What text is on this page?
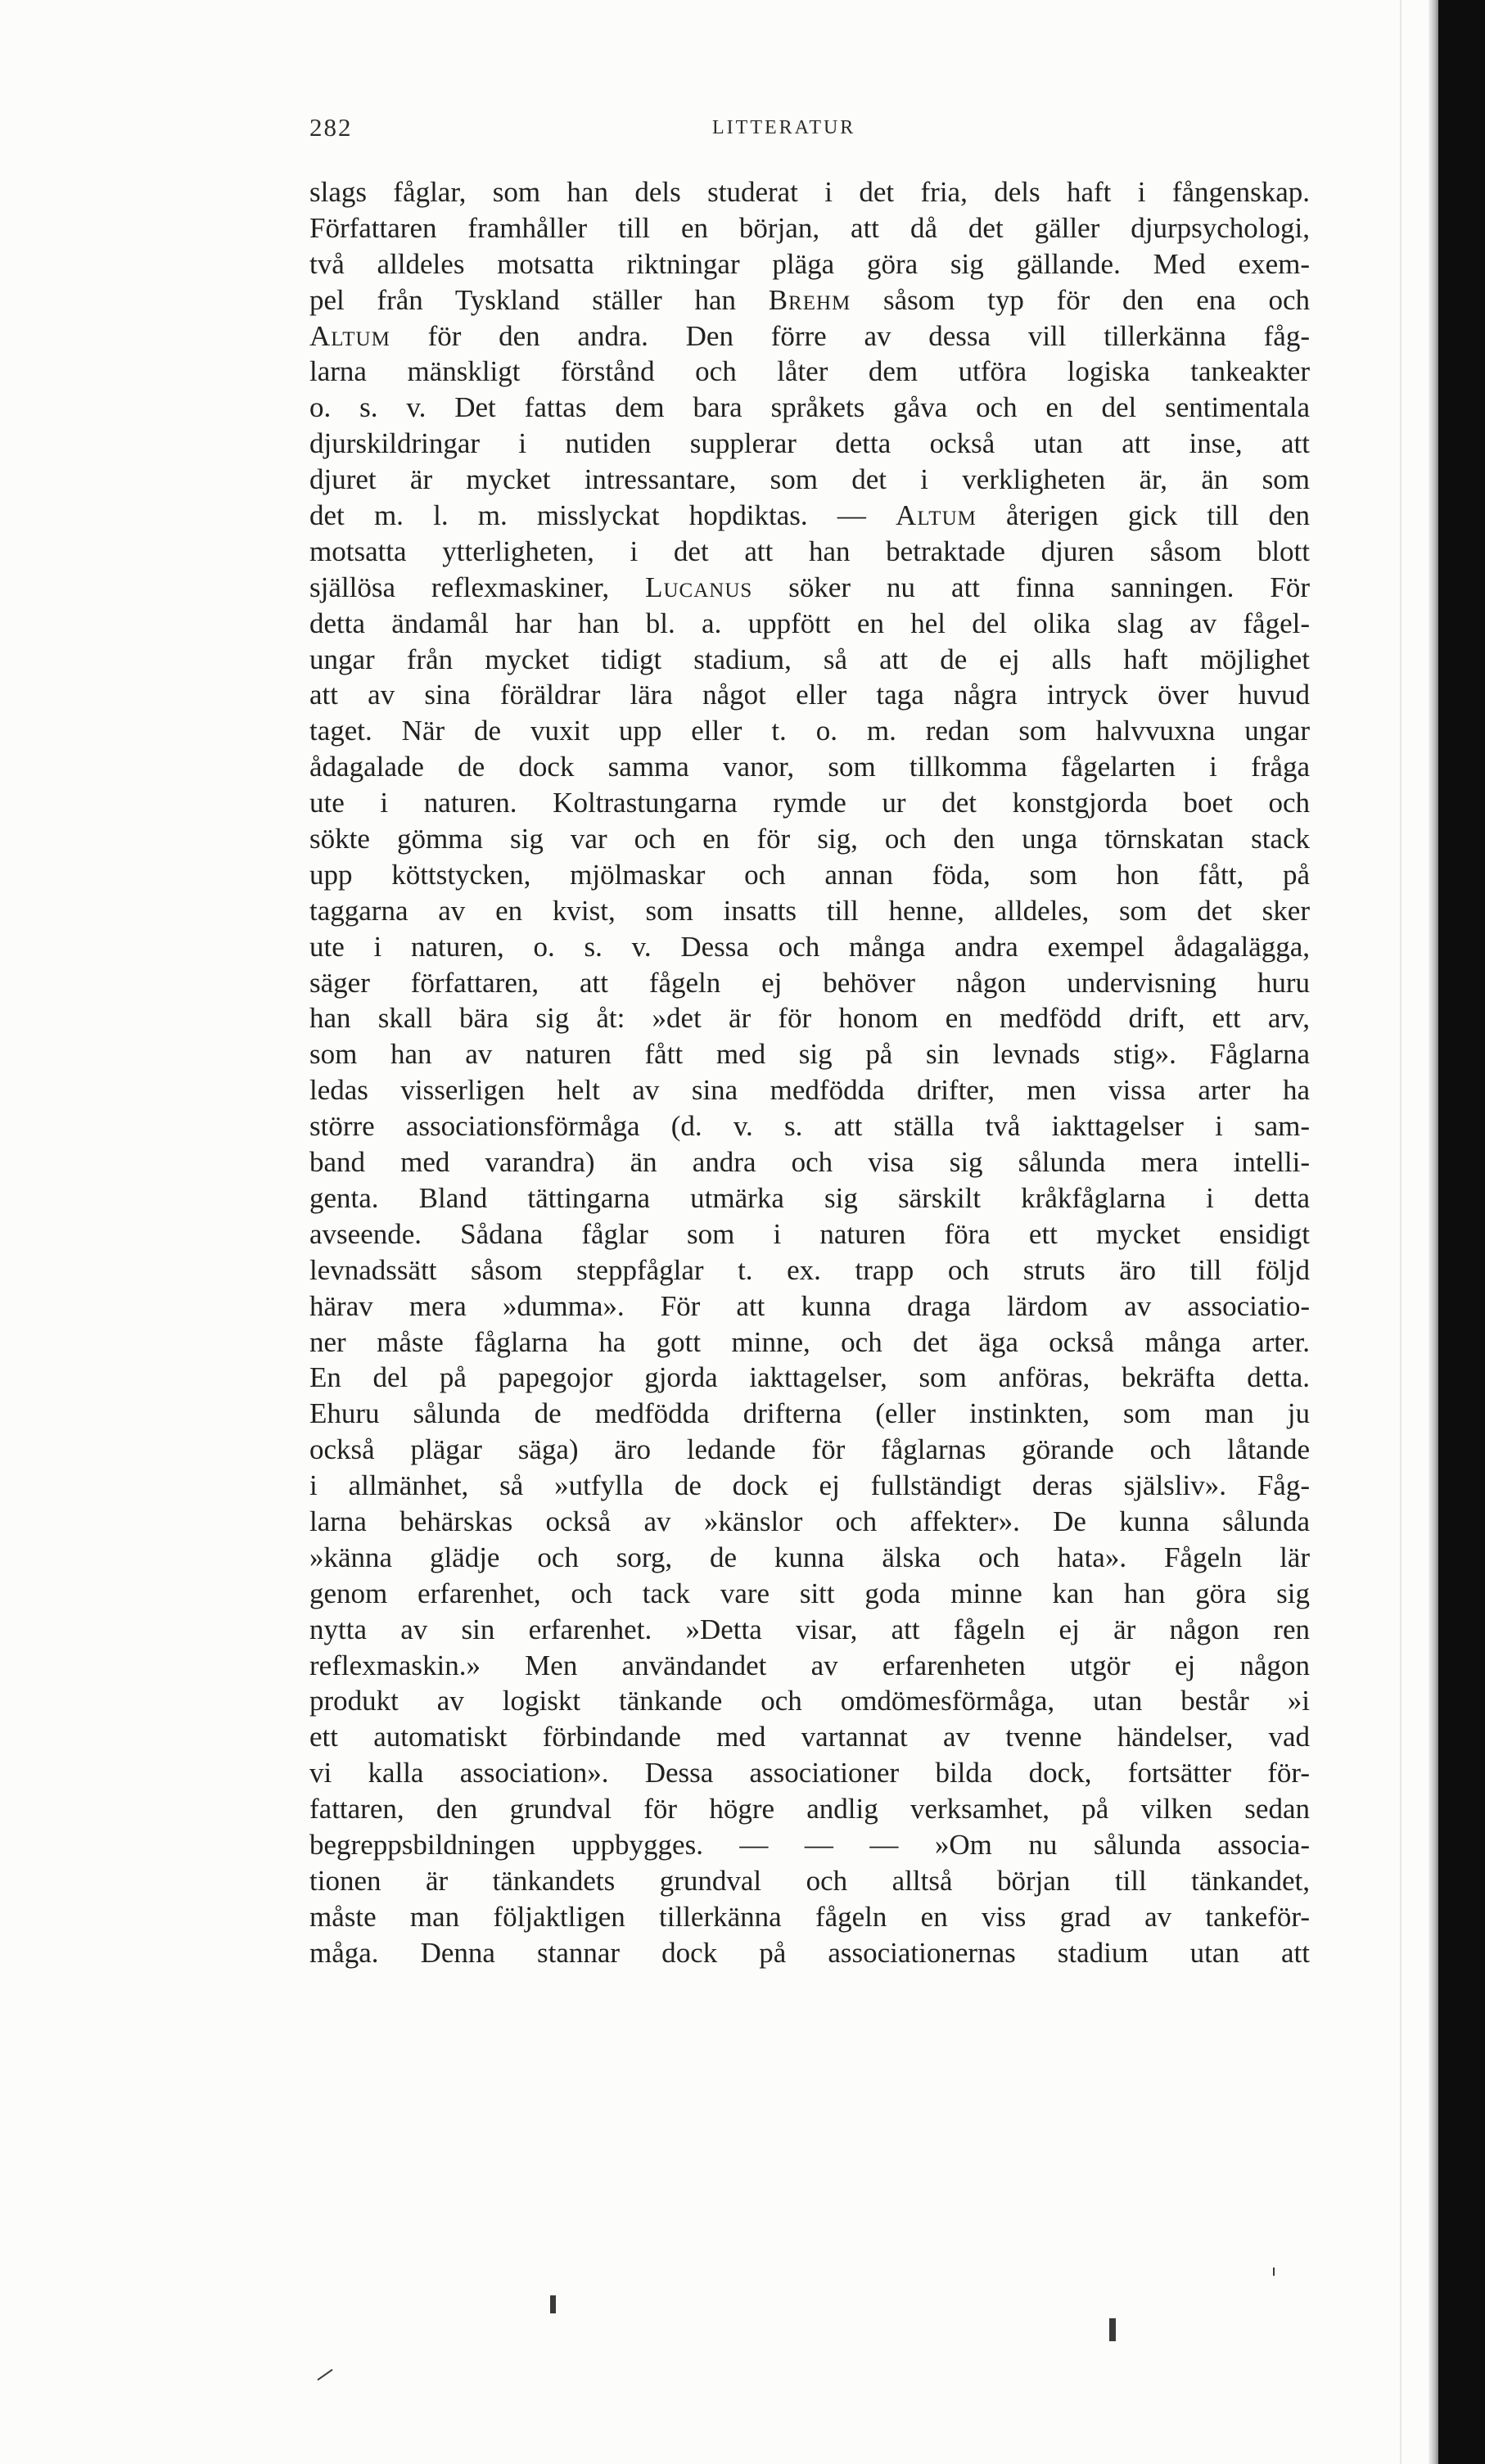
282	LITTERATUR
slags fåglar, som han dels studerat i det fria, dels haft i fångenskap.
Författaren framhåller till en början, att då det gäller djurpsychologi,
två alldeles motsatta riktningar pläga göra sig gällande. Med exem-
pel från Tyskland ställer han Brehm såsom typ för den ena och
Altum för den andra. Den förre av dessa vill tillerkänna fåg-
larna mänskligt förstånd och låter dem utföra logiska tankeakter
o. s. v. Det fattas dem bara språkets gåva och en del sentimentala
djurskildringar i nutiden supplerar detta också utan att inse, att
djuret är mycket intressantare, som det i verkligheten är, än som
det m. l. m. misslyckat hopdiktas. — Altum återigen gick till den
motsatta ytterligheten, i det att han betraktade djuren såsom blott
själlösa reflexmaskiner, Lucanus söker nu att finna sanningen. För
detta ändamål har han bl. a. uppfött en hel del olika slag av fågel-
ungar från mycket tidigt stadium, så att de ej alls haft möjlighet
att av sina föräldrar lära något eller taga några intryck över huvud
taget. När de vuxit upp eller t. o. m. redan som halvvuxna ungar
ådagalade de dock samma vanor, som tillkomma fågelarten i fråga
ute i naturen. Koltrastungarna rymde ur det konstgjorda boet och
sökte gömma sig var och en för sig, och den unga törnskatan stack
upp köttstycken, mjölmaskar och annan föda, som hon fått, på
taggarna av en kvist, som insatts till henne, alldeles, som det sker
ute i naturen, o. s. v. Dessa och många andra exempel ådagalägga,
säger författaren, att fågeln ej behöver någon undervisning huru
han skall bära sig åt: »det är för honom en medfödd drift, ett arv,
som han av naturen fått med sig på sin levnads stig». Fåglarna
ledas visserligen helt av sina medfödda drifter, men vissa arter ha
större associationsförmåga (d. v. s. att ställa två iakttagelser i sam-
band med varandra) än andra och visa sig sålunda mera intelli-
genta. Bland tättingarna utmärka sig särskilt kråkfåglarna i detta
avseende. Sådana fåglar som i naturen föra ett mycket ensidigt
levnadssätt såsom steppfåglar t. ex. trapp och struts äro till följd
härav mera »dumma». För att kunna draga lärdom av associatio-
ner måste fåglarna ha gott minne, och det äga också många arter.
En del på papegojor gjorda iakttagelser, som anföras, bekräfta detta.
Ehuru sålunda de medfödda drifterna (eller instinkten, som man ju
också plägar säga) äro ledande för fåglarnas görande och låtande
i allmänhet, så »utfylla de dock ej fullständigt deras själsliv». Fåg-
larna behärskas också av »känslor och affekter». De kunna sålunda
»känna glädje och sorg, de kunna älska och hata». Fågeln lär
genom erfarenhet, och tack vare sitt goda minne kan han göra sig
nytta av sin erfarenhet. »Detta visar, att fågeln ej är någon ren
reflexmaskin.» Men användandet av erfarenheten utgör ej någon
produkt av logiskt tänkande och omdömesförmåga, utan består »i
ett automatiskt förbindande med vartannat av tvenne händelser, vad
vi kalla association». Dessa associationer bilda dock, fortsätter för-
fattaren, den grundval för högre andlig verksamhet, på vilken sedan
begreppsbildningen uppbygges. — — — »Om nu sålunda associa-
tionen är tänkandets grundval och alltså början till tänkandet,
måste man följaktligen tillerkänna fågeln en viss grad av tankeför-
måga. Denna stannar dock på associationernas stadium utan att
